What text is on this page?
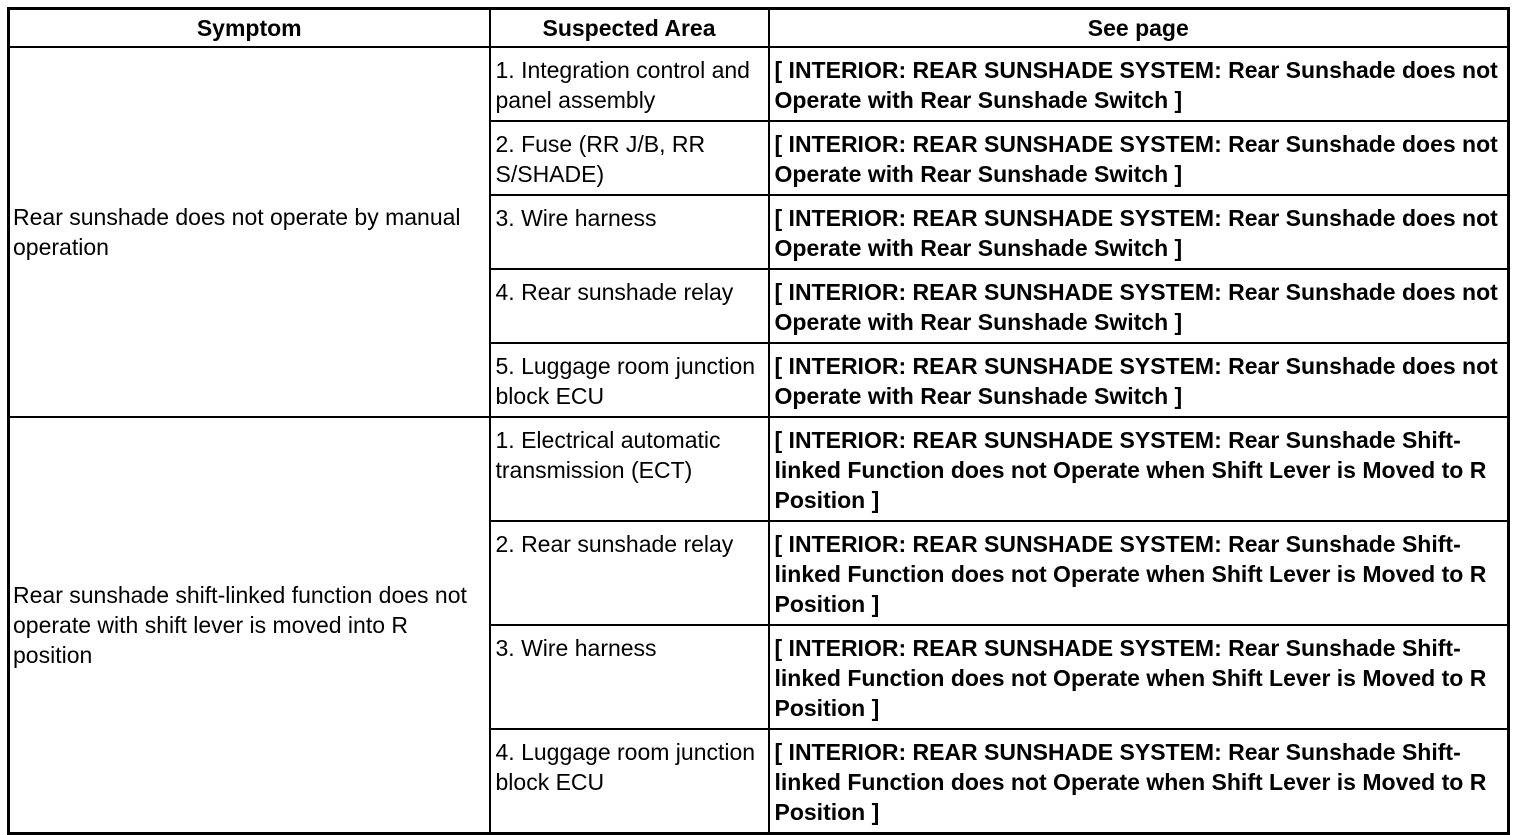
Symptom	Suspected Area	See page

Rear sunshade does not operate by manual operation	1. Integration control and panel assembly	[ INTERIOR: REAR SUNSHADE SYSTEM: Rear Sunshade does not Operate with Rear Sunshade Switch ]
	2. Fuse (RR J/B, RR S/SHADE)	[ INTERIOR: REAR SUNSHADE SYSTEM: Rear Sunshade does not Operate with Rear Sunshade Switch ]
	3. Wire harness	[ INTERIOR: REAR SUNSHADE SYSTEM: Rear Sunshade does not Operate with Rear Sunshade Switch ]
	4. Rear sunshade relay	[ INTERIOR: REAR SUNSHADE SYSTEM: Rear Sunshade does not Operate with Rear Sunshade Switch ]
	5. Luggage room junction block ECU	[ INTERIOR: REAR SUNSHADE SYSTEM: Rear Sunshade does not Operate with Rear Sunshade Switch ]

Rear sunshade shift-linked function does not operate with shift lever is moved into R position	1. Electrical automatic transmission (ECT)	[ INTERIOR: REAR SUNSHADE SYSTEM: Rear Sunshade Shift-linked Function does not Operate when Shift Lever is Moved to R Position ]
	2. Rear sunshade relay	[ INTERIOR: REAR SUNSHADE SYSTEM: Rear Sunshade Shift-linked Function does not Operate when Shift Lever is Moved to R Position ]
	3. Wire harness	[ INTERIOR: REAR SUNSHADE SYSTEM: Rear Sunshade Shift-linked Function does not Operate when Shift Lever is Moved to R Position ]
	4. Luggage room junction block ECU	[ INTERIOR: REAR SUNSHADE SYSTEM: Rear Sunshade Shift-linked Function does not Operate when Shift Lever is Moved to R Position ]
